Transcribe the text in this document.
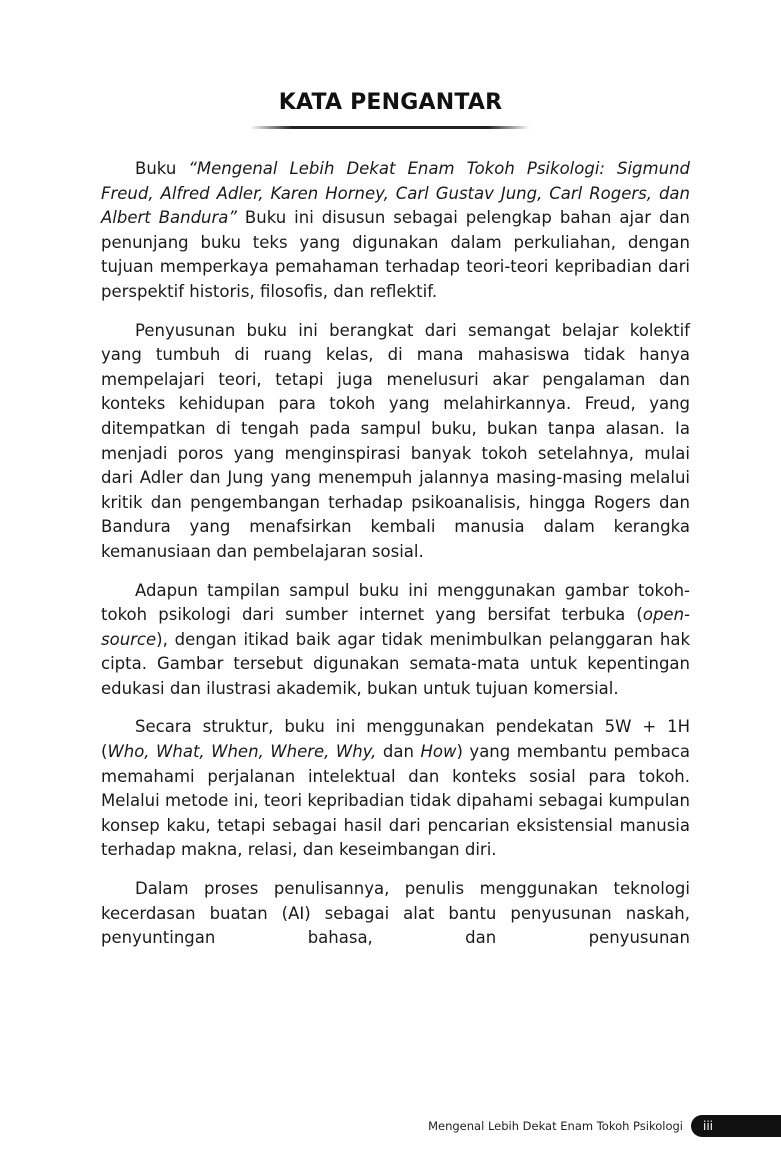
KATA PENGANTAR

Buku “Mengenal Lebih Dekat Enam Tokoh Psikologi: Sigmund Freud, Alfred Adler, Karen Horney, Carl Gustav Jung, Carl Rogers, dan Albert Bandura” Buku ini disusun sebagai pelengkap bahan ajar dan penunjang buku teks yang digunakan dalam perkuliahan, dengan tujuan memperkaya pemahaman terhadap teori-teori kepribadian dari perspektif historis, filosofis, dan reflektif.

Penyusunan buku ini berangkat dari semangat belajar kolektif yang tumbuh di ruang kelas, di mana mahasiswa tidak hanya mempelajari teori, tetapi juga menelusuri akar pengalaman dan konteks kehidupan para tokoh yang melahirkannya. Freud, yang ditempatkan di tengah pada sampul buku, bukan tanpa alasan. Ia menjadi poros yang menginspirasi banyak tokoh setelahnya, mulai dari Adler dan Jung yang menempuh jalannya masing-masing melalui kritik dan pengembangan terhadap psikoanalisis, hingga Rogers dan Bandura yang menafsirkan kembali manusia dalam kerangka kemanusiaan dan pembelajaran sosial.

Adapun tampilan sampul buku ini menggunakan gambar tokoh-tokoh psikologi dari sumber internet yang bersifat terbuka (open-source), dengan itikad baik agar tidak menimbulkan pelanggaran hak cipta. Gambar tersebut digunakan semata-mata untuk kepentingan edukasi dan ilustrasi akademik, bukan untuk tujuan komersial.

Secara struktur, buku ini menggunakan pendekatan 5W + 1H (Who, What, When, Where, Why, dan How) yang membantu pembaca memahami perjalanan intelektual dan konteks sosial para tokoh. Melalui metode ini, teori kepribadian tidak dipahami sebagai kumpulan konsep kaku, tetapi sebagai hasil dari pencarian eksistensial manusia terhadap makna, relasi, dan keseimbangan diri.

Dalam proses penulisannya, penulis menggunakan teknologi kecerdasan buatan (AI) sebagai alat bantu penyusunan naskah, penyuntingan bahasa, dan penyusunan

Mengenal Lebih Dekat Enam Tokoh Psikologi iii
